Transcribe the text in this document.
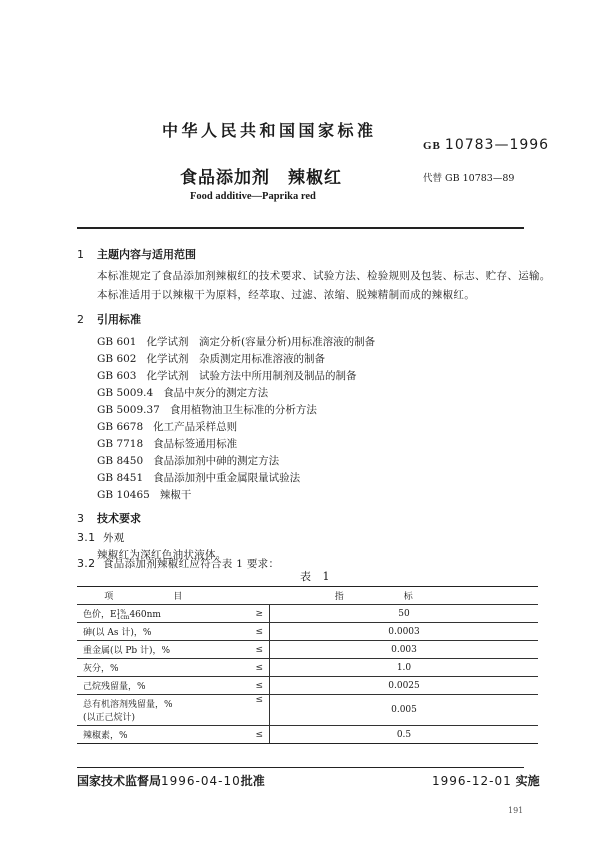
中华人民共和国国家标准
GB 10783—1996
食品添加剂 辣椒红	代替 GB 10783—89
Food additive—Paprika red
1 主题内容与适用范围
本标准规定了食品添加剂辣椒红的技术要求、试验方法、检验规则及包装、标志、贮存、运输。
本标准适用于以辣椒干为原料，经萃取、过滤、浓缩、脱辣精制而成的辣椒红。
2 引用标准
GB 601 化学试剂　滴定分析(容量分析)用标准溶液的制备
GB 602 化学试剂　杂质测定用标准溶液的制备
GB 603 化学试剂　试验方法中所用制剂及制品的制备
GB 5009.4 食品中灰分的测定方法
GB 5009.37 食用植物油卫生标准的分析方法
GB 6678 化工产品采样总则
GB 7718 食品标签通用标准
GB 8450 食品添加剂中砷的测定方法
GB 8451 食品添加剂中重金属限量试验法
GB 10465 辣椒干
3 技术要求
3.1 外观
辣椒红为深红色油状液体。
3.2 食品添加剂辣椒红应符合表 1 要求：
表 1
项目		指标
色价，E1%
1cm460nm	≥	50
砷(以 As 计)，%	≤	0.0003
重金属(以 Pb 计)，%	≤	0.003
灰分，%	≤	1.0
己烷残留量，%	≤	0.0025
总有机溶剂残留量，%
(以正己烷计)	≤	0.005
辣椒素，%	≤	0.5
国家技术监督局1996-04-10批准	1996-12-01 实施
191
